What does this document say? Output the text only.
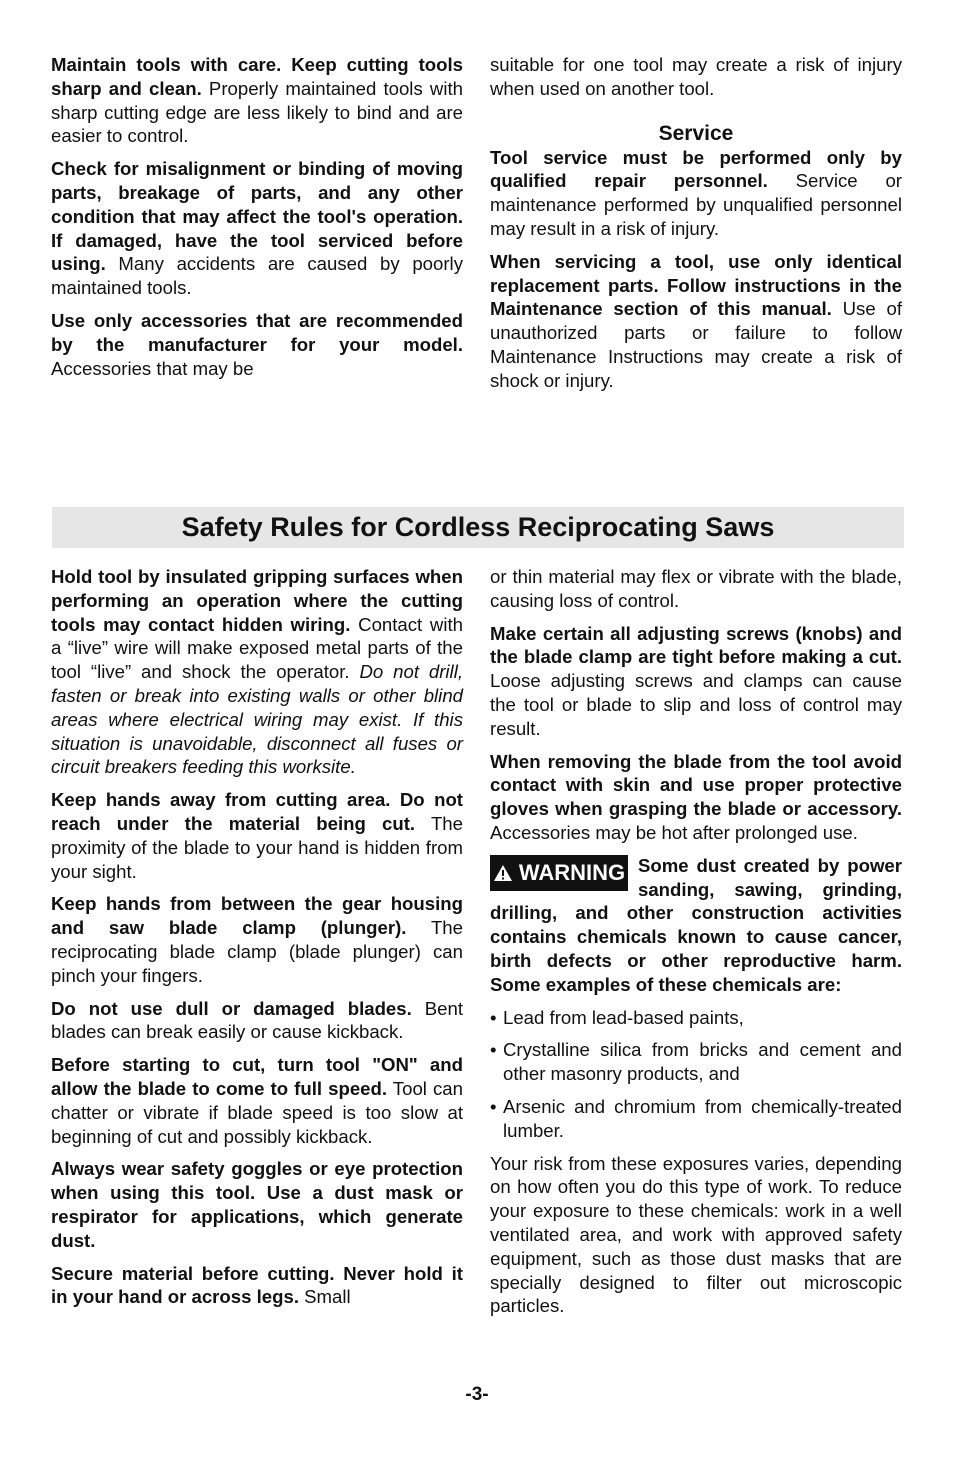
Maintain tools with care. Keep cutting tools sharp and clean. Properly maintained tools with sharp cutting edge are less likely to bind and are easier to control.

Check for misalignment or binding of moving parts, breakage of parts, and any other condition that may affect the tool's operation. If damaged, have the tool serviced before using. Many accidents are caused by poorly maintained tools.

Use only accessories that are recommended by the manufacturer for your model. Accessories that may be

suitable for one tool may create a risk of injury when used on another tool.

Service

Tool service must be performed only by qualified repair personnel. Service or maintenance performed by unqualified personnel may result in a risk of injury.

When servicing a tool, use only identical replacement parts. Follow instructions in the Maintenance section of this manual. Use of unauthorized parts or failure to follow Maintenance Instructions may create a risk of shock or injury.

Safety Rules for Cordless Reciprocating Saws

Hold tool by insulated gripping surfaces when performing an operation where the cutting tools may contact hidden wiring. Contact with a “live” wire will make exposed metal parts of the tool “live” and shock the operator. Do not drill, fasten or break into existing walls or other blind areas where electrical wiring may exist. If this situation is unavoidable, disconnect all fuses or circuit breakers feeding this worksite.

Keep hands away from cutting area. Do not reach under the material being cut. The proximity of the blade to your hand is hidden from your sight.

Keep hands from between the gear housing and saw blade clamp (plunger). The reciprocating blade clamp (blade plunger) can pinch your fingers.

Do not use dull or damaged blades. Bent blades can break easily or cause kickback.

Before starting to cut, turn tool "ON" and allow the blade to come to full speed. Tool can chatter or vibrate if blade speed is too slow at beginning of cut and possibly kickback.

Always wear safety goggles or eye protection when using this tool. Use a dust mask or respirator for applications, which generate dust.

Secure material before cutting. Never hold it in your hand or across legs. Small

or thin material may flex or vibrate with the blade, causing loss of control.

Make certain all adjusting screws (knobs) and the blade clamp are tight before making a cut. Loose adjusting screws and clamps can cause the tool or blade to slip and loss of control may result.

When removing the blade from the tool avoid contact with skin and use proper protective gloves when grasping the blade or accessory. Accessories may be hot after prolonged use.

WARNING Some dust created by power sanding, sawing, grinding, drilling, and other construction activities contains chemicals known to cause cancer, birth defects or other reproductive harm. Some examples of these chemicals are:

• Lead from lead-based paints,
• Crystalline silica from bricks and cement and other masonry products, and
• Arsenic and chromium from chemically-treated lumber.

Your risk from these exposures varies, depending on how often you do this type of work. To reduce your exposure to these chemicals: work in a well ventilated area, and work with approved safety equipment, such as those dust masks that are specially designed to filter out microscopic particles.

-3-
